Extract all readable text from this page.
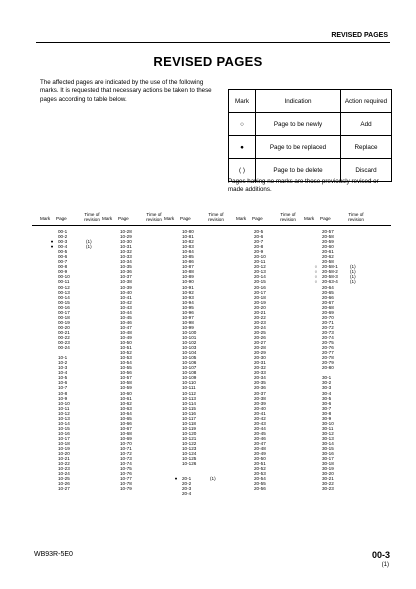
REVISED PAGES
REVISED PAGES
The affected pages are indicated by the use of the following marks. It is requested that necessary actions be taken to these pages according to table below.	Mark	Indication	Action required
○	Page to be newly	Add
●	Page to be replaced	Replace
( )	Page to be delete	Discard
Pages having no marks are those previously revised or made additions.
Mark Page
Time of revision Mark Page
Time of revision Mark Page
Time of revision	Mark Page
Time of revision	Mark Page
Time of revision
00-1
00-2
●	00-3	(1)
●	00-4	(1)
00-5
00-6
00-7
00-8
00-9
00-10
00-11
00-12
00-13
00-14
00-15
00-16
00-17
00-18
00-19
00-20
00-21
00-22
00-23
00-24
10-1
10-2
10-3
10-4
10-5
10-6
10-7
10-8
10-9
10-10
10-11
10-12
10-13
10-14
10-15
10-16
10-17
10-18
10-19
10-20
10-21
10-22
10-23
10-24
10-25
10-26
10-27
10-28
10-29
10-30
10-31
10-32
10-33
10-34
10-35
10-36
10-37
10-38
10-39
10-40
10-41
10-42
10-43
10-44
10-45
10-46
10-47
10-48
10-49
10-50
10-51
10-52
10-53
10-54
10-55
10-56
10-57
10-58
10-59
10-60
10-61
10-62
10-63
10-64
10-65
10-66
10-67
10-68
10-69
10-70
10-71
10-72
10-73
10-74
10-75
10-76
10-77
10-78
10-79
10-80
10-81
10-82
10-83
10-84
10-85
10-86
10-87
10-88
10-89
10-90
10-91
10-92
10-93
10-94
10-95
10-96
10-97
10-98
10-99
10-100
10-101
10-102
10-103
10-104
10-105
10-106
10-107
10-108
10-109
10-110
10-111
10-112
10-113
10-114
10-115
10-116
10-117
10-118
10-119
10-120
10-121
10-122
10-123
10-124
10-125
10-126
●	20-1	(1)
20-2
20-3
20-4
20-5
20-6
20-7
20-8
20-9
20-10
20-11
20-12
20-13
20-14
20-15
20-16
20-17
20-18
20-19
20-20
20-21
20-22
20-23
20-24
20-25
20-26
20-27
20-28
20-29
20-30
20-31
20-32
20-33
20-34
20-35
20-36
20-37
20-38
20-39
20-40
20-41
20-42
20-43
20-44
20-45
20-46
20-47
20-48
20-49
20-50
20-51
20-52
20-53
20-54
20-55
20-56
20-57
20-58
20-59
20-60
20-61
20-62
20-58
○	20-58-1	(1)
○	20-58-2	(1)
○	20-58-3	(1)
○	20-63-4	(1)
20-64
20-65
20-66
20-67
20-68
20-69
20-70
20-71
20-72
20-73
20-74
20-75
20-76
20-77
20-78
20-79
20-80
30-1
30-2
30-3
30-4
30-5
30-6
30-7
30-8
30-9
30-10
30-11
30-12
30-13
30-14
30-15
30-16
30-17
30-18
30-19
30-20
30-21
30-22
30-23
WB93R-5E0	00-3
(1)
